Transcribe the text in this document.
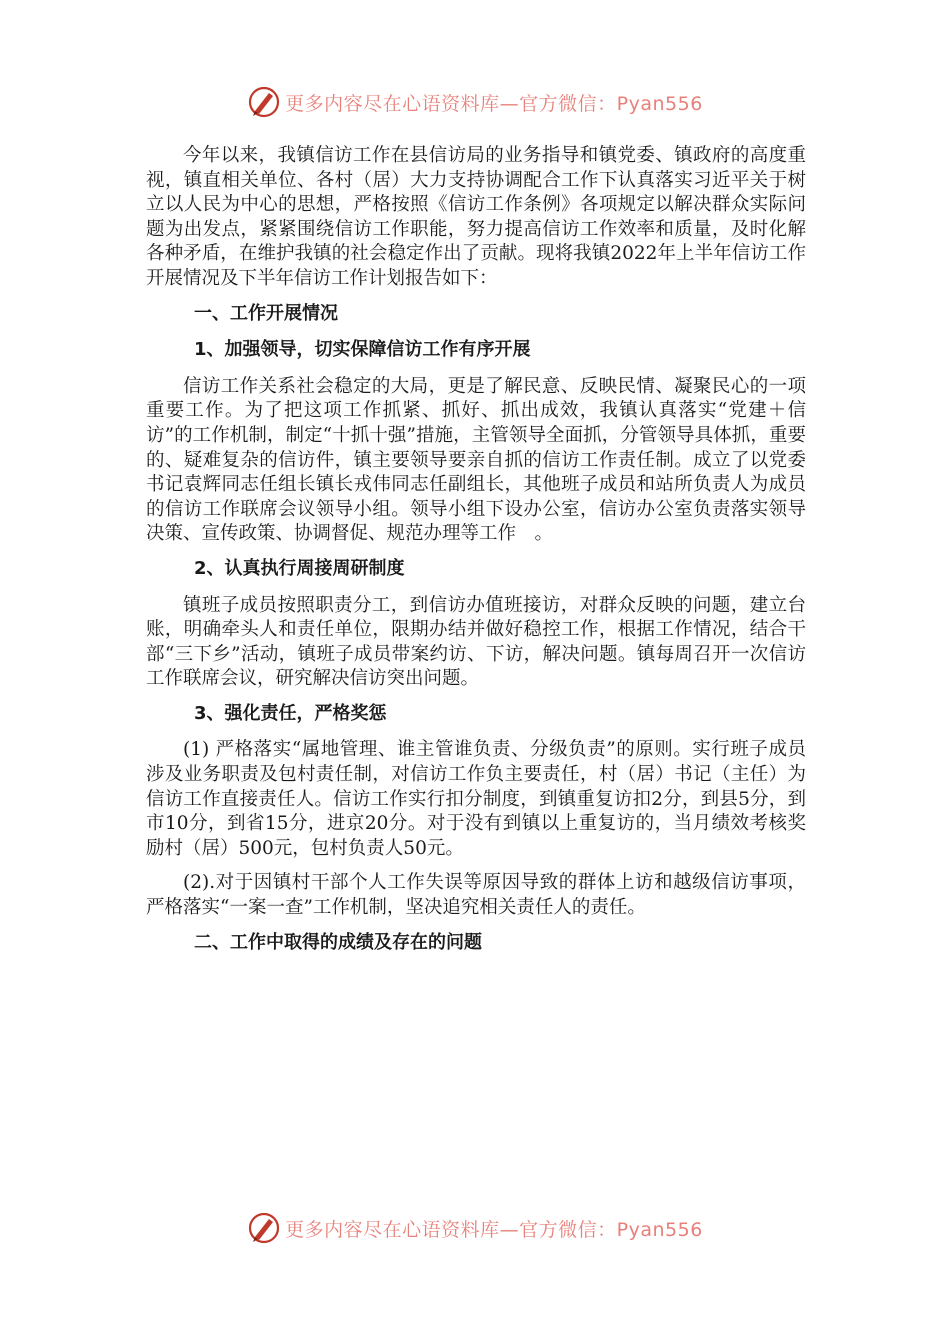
更多内容尽在心语资料库—官方微信：Pyan556

今年以来，我镇信访工作在县信访局的业务指导和镇党委、镇政府的高度重视，镇直相关单位、各村（居）大力支持协调配合工作下认真落实习近平关于树立以人民为中心的思想，严格按照《信访工作条例》各项规定以解决群众实际问题为出发点，紧紧围绕信访工作职能，努力提高信访工作效率和质量，及时化解各种矛盾，在维护我镇的社会稳定作出了贡献。现将我镇2022年上半年信访工作开展情况及下半年信访工作计划报告如下：

一、工作开展情况

1、加强领导，切实保障信访工作有序开展

信访工作关系社会稳定的大局，更是了解民意、反映民情、凝聚民心的一项重要工作。为了把这项工作抓紧、抓好、抓出成效，我镇认真落实“党建＋信访”的工作机制，制定“十抓十强”措施，主管领导全面抓，分管领导具体抓，重要的、疑难复杂的信访件，镇主要领导要亲自抓的信访工作责任制。成立了以党委书记袁辉同志任组长镇长戎伟同志任副组长，其他班子成员和站所负责人为成员的信访工作联席会议领导小组。领导小组下设办公室，信访办公室负责落实领导决策、宣传政策、协调督促、规范办理等工作　。

2、认真执行周接周研制度

镇班子成员按照职责分工，到信访办值班接访，对群众反映的问题，建立台账，明确牵头人和责任单位，限期办结并做好稳控工作，根据工作情况，结合干部“三下乡”活动，镇班子成员带案约访、下访，解决问题。镇每周召开一次信访工作联席会议，研究解决信访突出问题。

3、强化责任，严格奖惩

(1) 严格落实“属地管理、谁主管谁负责、分级负责”的原则。实行班子成员涉及业务职责及包村责任制，对信访工作负主要责任，村（居）书记（主任）为信访工作直接责任人。信访工作实行扣分制度，到镇重复访扣2分，到县5分，到市10分，到省15分，进京20分。对于没有到镇以上重复访的，当月绩效考核奖励村（居）500元，包村负责人50元。

(2).对于因镇村干部个人工作失误等原因导致的群体上访和越级信访事项，严格落实“一案一查”工作机制，坚决追究相关责任人的责任。

二、工作中取得的成绩及存在的问题

更多内容尽在心语资料库—官方微信：Pyan556
